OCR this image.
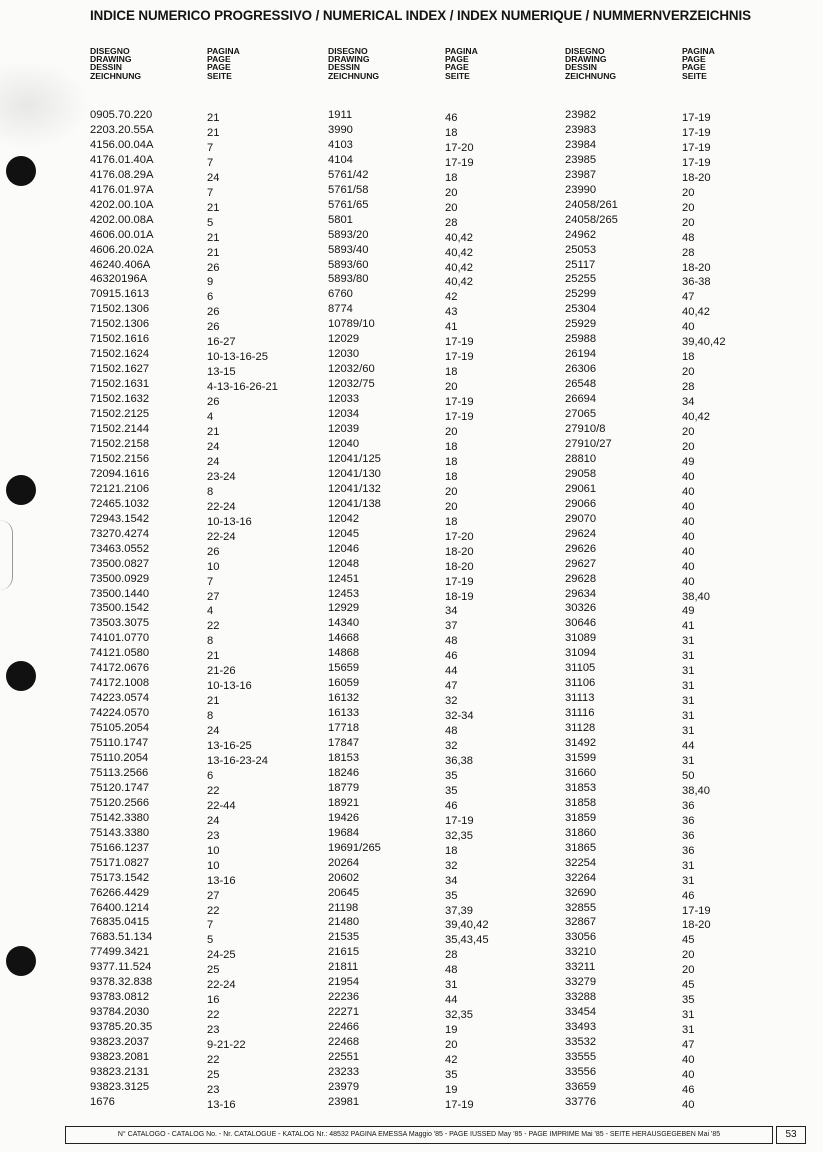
INDICE NUMERICO PROGRESSIVO / NUMERICAL INDEX / INDEX NUMERIQUE / NUMMERNVERZEICHNIS
DISEGNO
DRAWING
DESSIN
ZEICHNUNG
PAGINA
PAGE
PAGE
SEITE
DISEGNO
DRAWING
DESSIN
ZEICHNUNG
PAGINA
PAGE
PAGE
SEITE
DISEGNO
DRAWING
DESSIN
ZEICHNUNG
PAGINA
PAGE
PAGE
SEITE
0905.70.220	21
2203.20.55A	21
4156.00.04A	7
4176.01.40A	7
4176.08.29A	24
4176.01.97A	7
4202.00.10A	21
4202.00.08A	5
4606.00.01A	21
4606.20.02A	21
46240.406A	26
46320196A	9
70915.1613	6
71502.1306	26
71502.1306	26
71502.1616	16-27
71502.1624	10-13-16-25
71502.1627	13-15
71502.1631	4-13-16-26-21
71502.1632	26
71502.2125	4
71502.2144	21
71502.2158	24
71502.2156	24
72094.1616	23-24
72121.2106	8
72465.1032	22-24
72943.1542	10-13-16
73270.4274	22-24
73463.0552	26
73500.0827	10
73500.0929	7
73500.1440	27
73500.1542	4
73503.3075	22
74101.0770	8
74121.0580	21
74172.0676	21-26
74172.1008	10-13-16
74223.0574	21
74224.0570	8
75105.2054	24
75110.1747	13-16-25
75110.2054	13-16-23-24
75113.2566	6
75120.1747	22
75120.2566	22-44
75142.3380	24
75143.3380	23
75166.1237	10
75171.0827	10
75173.1542	13-16
76266.4429	27
76400.1214	22
76835.0415	7
7683.51.134	5
77499.3421	24-25
9377.11.524	25
9378.32.838	22-24
93783.0812	16
93784.2030	22
93785.20.35	23
93823.2037	9-21-22
93823.2081	22
93823.2131	25
93823.3125	23
1676	13-16
1911	46
3990	18
4103	17-20
4104	17-19
5761/42	18
5761/58	20
5761/65	20
5801	28
5893/20	40,42
5893/40	40,42
5893/60	40,42
5893/80	40,42
6760	42
8774	43
10789/10	41
12029	17-19
12030	17-19
12032/60	18
12032/75	20
12033	17-19
12034	17-19
12039	20
12040	18
12041/125	18
12041/130	18
12041/132	20
12041/138	20
12042	18
12045	17-20
12046	18-20
12048	18-20
12451	17-19
12453	18-19
12929	34
14340	37
14668	48
14868	46
15659	44
16059	47
16132	32
16133	32-34
17718	48
17847	32
18153	36,38
18246	35
18779	35
18921	46
19426	17-19
19684	32,35
19691/265	18
20264	32
20602	34
20645	35
21198	37,39
21480	39,40,42
21535	35,43,45
21615	28
21811	48
21954	31
22236	44
22271	32,35
22466	19
22468	20
22551	42
23233	35
23979	19
23981	17-19
23982	17-19
23983	17-19
23984	17-19
23985	17-19
23987	18-20
23990	20
24058/261	20
24058/265	20
24962	48
25053	28
25117	18-20
25255	36-38
25299	47
25304	40,42
25929	40
25988	39,40,42
26194	18
26306	20
26548	28
26694	34
27065	40,42
27910/8	20
27910/27	20
28810	49
29058	40
29061	40
29066	40
29070	40
29624	40
29626	40
29627	40
29628	40
29634	38,40
30326	49
30646	41
31089	31
31094	31
31105	31
31106	31
31113	31
31116	31
31128	31
31492	44
31599	31
31660	50
31853	38,40
31858	36
31859	36
31860	36
31865	36
32254	31
32264	31
32690	46
32855	17-19
32867	18-20
33056	45
33210	20
33211	20
33279	45
33288	35
33454	31
33493	31
33532	47
33555	40
33556	40
33659	46
33776	40
N° CATALOGO - CATALOG No. - Nr. CATALOGUE - KATALOG Nr.: 48532 PAGINA EMESSA Maggio '85 - PAGE IUSSED May '85 - PAGE IMPRIME Mai '85 - SEITE HERAUSGEGEBEN Mai '85	53
